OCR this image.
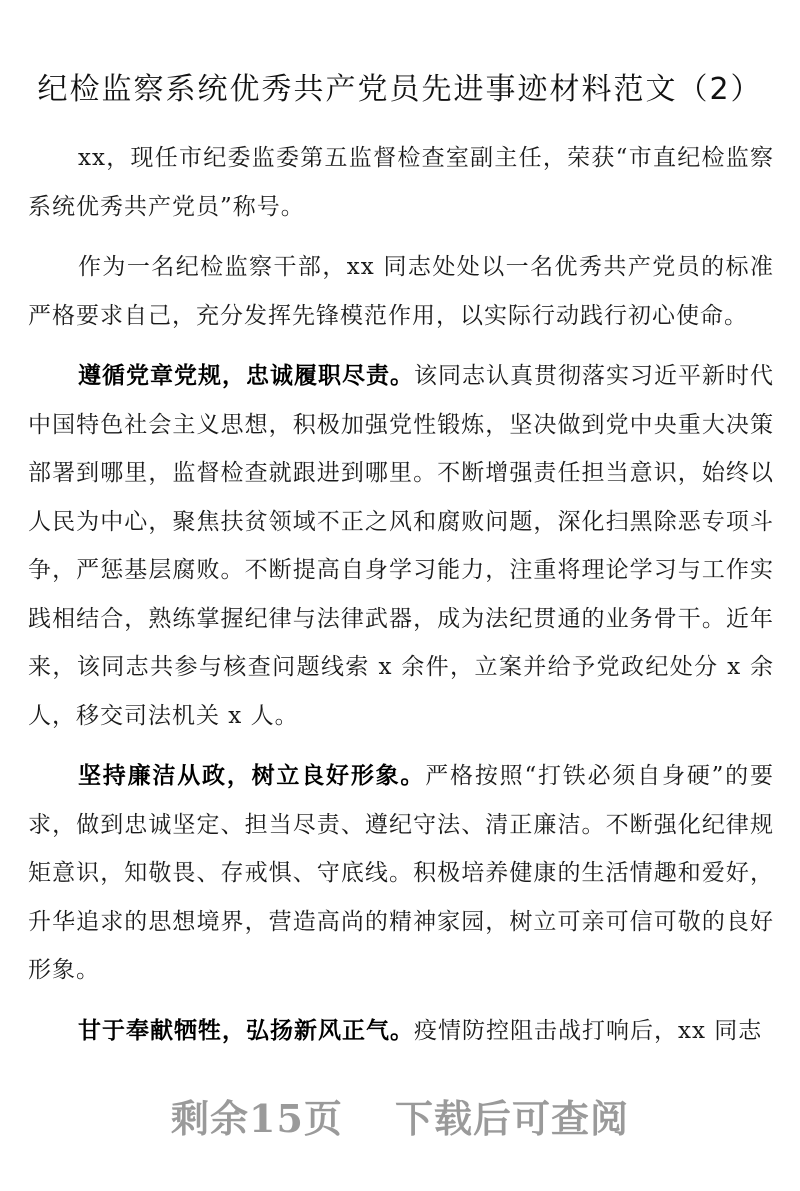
纪检监察系统优秀共产党员先进事迹材料范文（2）

xx，现任市纪委监委第五监督检查室副主任，荣获“市直纪检监察系统优秀共产党员”称号。

作为一名纪检监察干部，xx 同志处处以一名优秀共产党员的标准严格要求自己，充分发挥先锋模范作用，以实际行动践行初心使命。

遵循党章党规，忠诚履职尽责。该同志认真贯彻落实习近平新时代中国特色社会主义思想，积极加强党性锻炼，坚决做到党中央重大决策部署到哪里，监督检查就跟进到哪里。不断增强责任担当意识，始终以人民为中心，聚焦扶贫领域不正之风和腐败问题，深化扫黑除恶专项斗争，严惩基层腐败。不断提高自身学习能力，注重将理论学习与工作实践相结合，熟练掌握纪律与法律武器，成为法纪贯通的业务骨干。近年来，该同志共参与核查问题线索 x 余件，立案并给予党政纪处分 x 余人，移交司法机关 x 人。

坚持廉洁从政，树立良好形象。严格按照“打铁必须自身硬”的要求，做到忠诚坚定、担当尽责、遵纪守法、清正廉洁。不断强化纪律规矩意识，知敬畏、存戒惧、守底线。积极培养健康的生活情趣和爱好，升华追求的思想境界，营造高尚的精神家园，树立可亲可信可敬的良好形象。

甘于奉献牺牲，弘扬新风正气。疫情防控阻击战打响后，xx 同志

剩余15页 下载后可查阅
